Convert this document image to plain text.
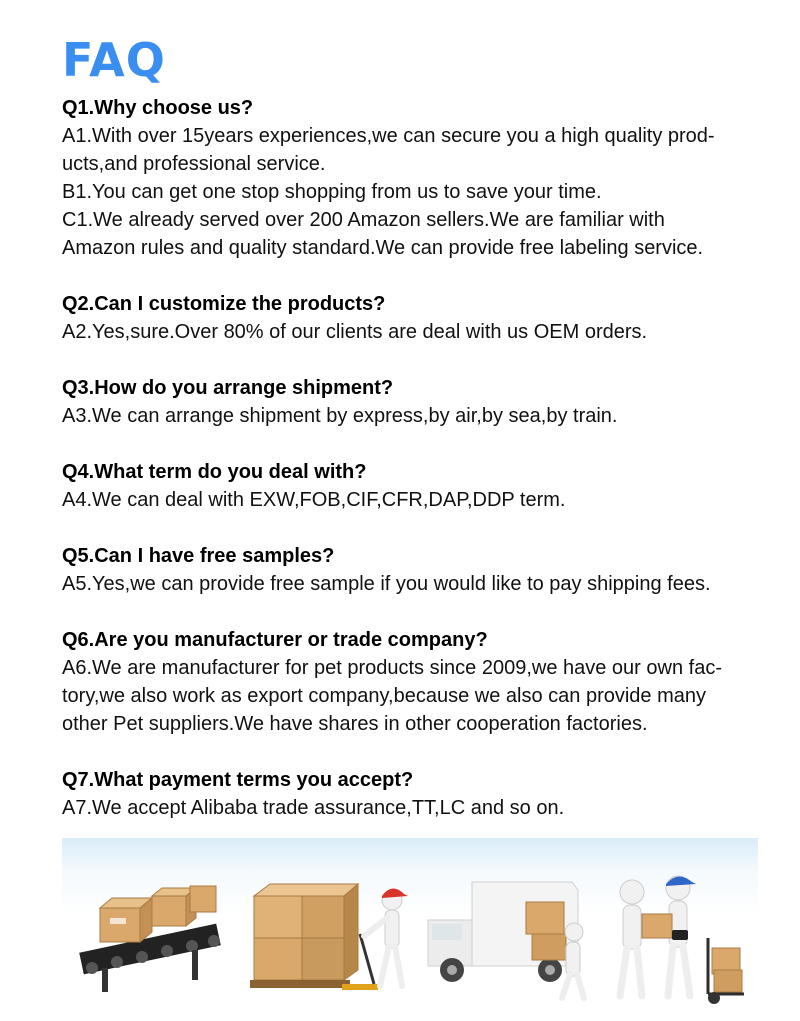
FAQ
Q1.Why choose us?
A1.With over 15years experiences,we can secure you a high quality prod-
ucts,and professional service.
B1.You can get one stop shopping from us to save your time.
C1.We already served over 200 Amazon sellers.We are familiar with
Amazon rules and quality standard.We can provide free labeling service.
Q2.Can I customize the products?
A2.Yes,sure.Over 80% of our clients are deal with us OEM orders.
Q3.How do you arrange shipment?
A3.We can arrange shipment by express,by air,by sea,by train.
Q4.What term do you deal with?
A4.We can deal with EXW,FOB,CIF,CFR,DAP,DDP term.
Q5.Can I have free samples?
A5.Yes,we can provide free sample if you would like to pay shipping fees.
Q6.Are you manufacturer or trade company?
A6.We are manufacturer for pet products since 2009,we have our own fac-
tory,we also work as export company,because we also can provide many
other Pet suppliers.We have shares in other cooperation factories.
Q7.What payment terms you accept?
A7.We accept Alibaba trade assurance,TT,LC and so on.
